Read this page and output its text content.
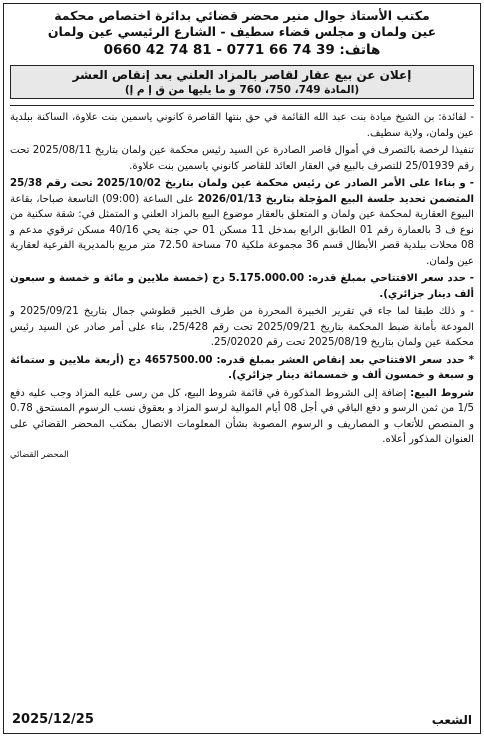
مكتب الأستاذ جوال منير محضر قضائي بدائرة اختصاص محكمة
عين ولمان و مجلس قضاء سطيف - الشارع الرئيسي عين ولمان
هاتف: 39 74 66 0771 - 81 74 42 0660
إعلان عن بيع عقار لقاصر بالمزاد العلني بعد إنقاص العشر
(المادة 749، 750، 760 و ما يليها من ق إ م إ)

- لفائدة: بن الشيخ ميادة بنت عبد الله القائمة في حق بنتها القاصرة كانوني ياسمين بنت علاوة، الساكنة ببلدية عين ولمان، ولاية سطيف.

تنفيذا لرخصة بالتصرف في أموال قاصر الصادرة عن السيد رئيس محكمة عين ولمان بتاريخ 2025/08/11 تحت رقم 25/01939 للتصرف بالبيع في العقار العائد للقاصر كانوني ياسمين بنت علاوة.

- و بناءا على الأمر الصادر عن رئيس محكمة عين ولمان بتاريخ 2025/10/02 تحت رقم 25/38 المتضمن تحديد جلسة البيع المؤجلة بتاريخ 2026/01/13 على الساعة (09:00) التاسعة صباحا، بقاعة البيوع العقارية لمحكمة عين ولمان و المتعلق بالعقار موضوع البيع بالمزاد العلني و المتمثل في: شقة سكنية من نوع ف 3 بالعمارة رقم 01 الطابق الرابع بمدخل 11 مسكن 01 حي جنة يحي 40/16 مسكن ترقوي مدعم و 08 محلات ببلدية قصر الأبطال قسم 36 مجموعة ملكية 70 مساحة 72.50 متر مربع بالمديرية الفرعية لعقارية عين ولمان.

- حدد سعر الافتتاحي بمبلغ قدره: 5.175.000.00 دج (خمسة ملايين و مائة و خمسة و سبعون ألف دينار جزائري).

- و ذلك طبقا لما جاء في تقرير الخبيرة المحررة من طرف الخبير قطوشي جمال بتاريخ 2025/09/21 و المودعة بأمانة ضبط المحكمة بتاريخ 2025/09/21 تحت رقم 25/428، بناء على أمر صادر عن السيد رئيس محكمة عين ولمان بتاريخ 2025/08/19 تحت رقم 25/02020.

* حدد سعر الافتتاحي بعد إنقاص العشر بمبلغ قدره: 4657500.00 دج (أربعة ملايين و ستمائة و سبعة و خمسون ألف و خمسمائة دينار جزائري).

شروط البيع: إضافة إلى الشروط المذكورة في قائمة شروط البيع، كل من رسى عليه المزاد وجب عليه دفع 1/5 من ثمن الرسو و دفع الباقي في أجل 08 أيام الموالية لرسو المزاد و بعقوق نسب الرسوم المستحق 0.78 و المنصص للأتعاب و المصاريف و الرسوم المصوبة بشأن المعلومات الاتصال بمكتب المحضر القضائي على العنوان المذكور أعلاه.

المحضر القضائي
الشعب
2025/12/25
